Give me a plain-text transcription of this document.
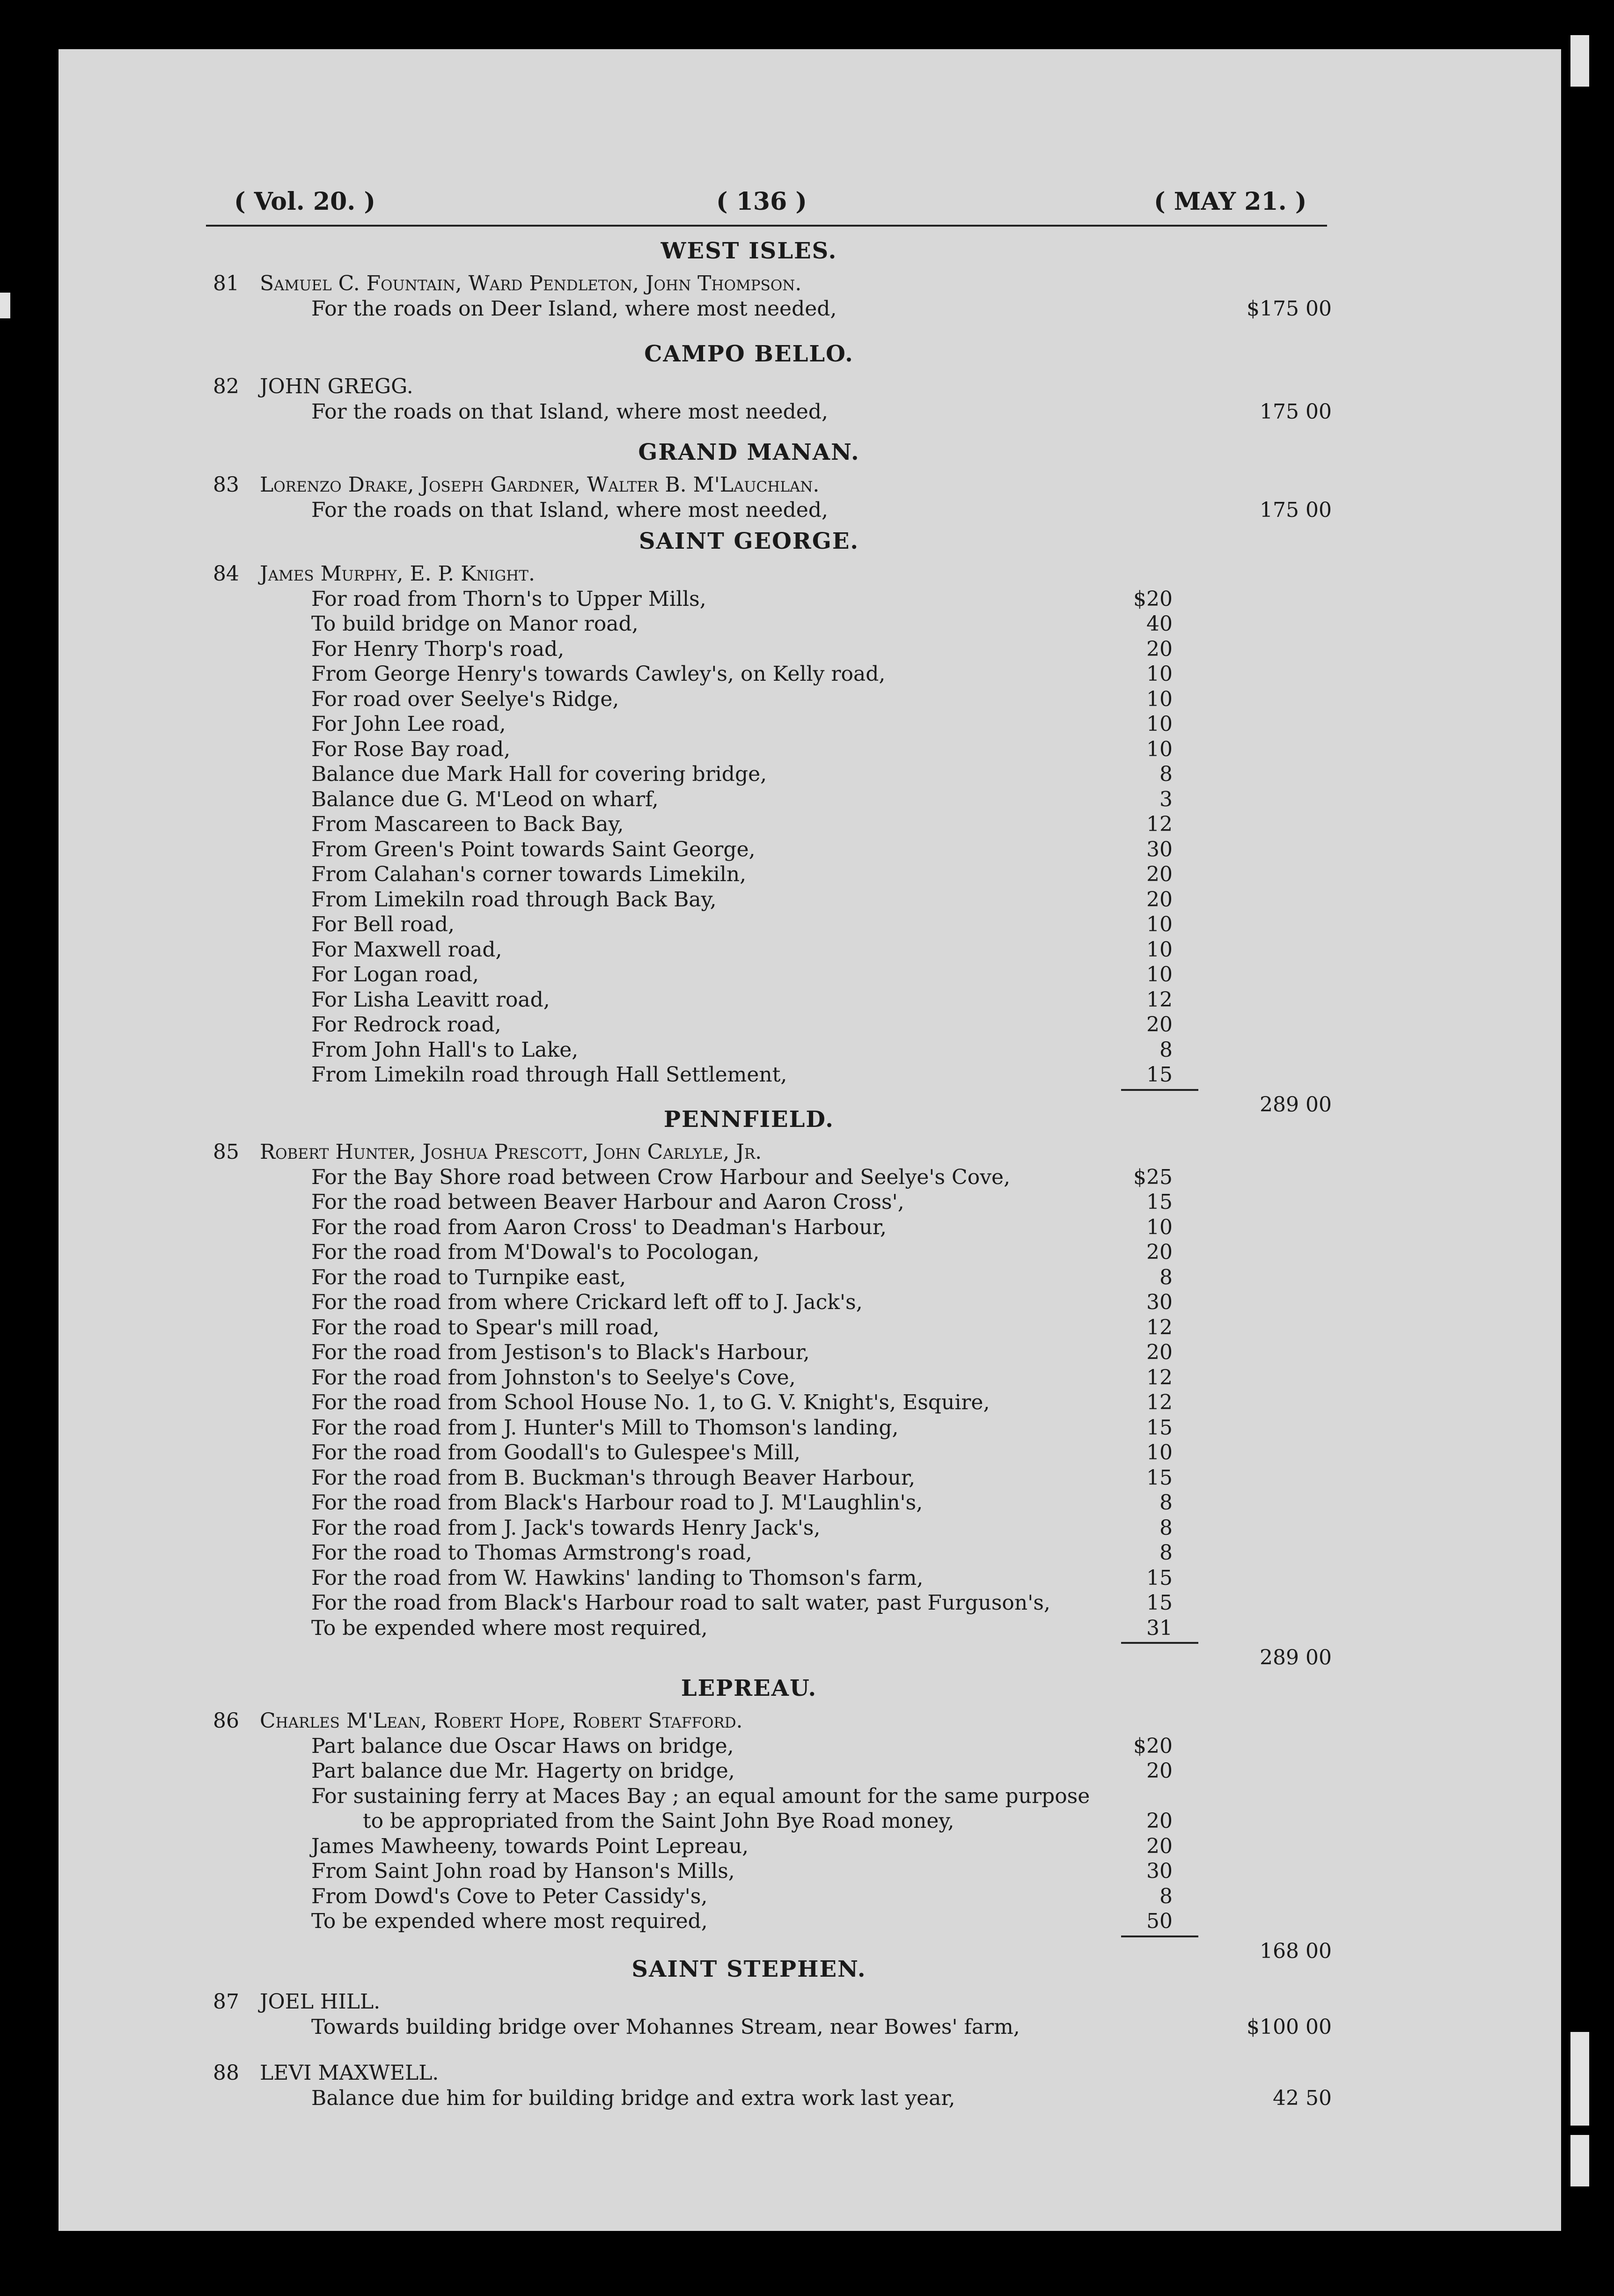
( Vol. 20. )	( 136 )	( MAY 21. )
WEST ISLES.
81 Samuel C. Fountain, Ward Pendleton, John Thompson.
For the roads on Deer Island, where most needed,	$175 00
CAMPO BELLO.
82 JOHN GREGG.
For the roads on that Island, where most needed,	175 00
GRAND MANAN.
83 Lorenzo Drake, Joseph Gardner, Walter B. M'Lauchlan.
For the roads on that Island, where most needed,	175 00
SAINT GEORGE.
84 James Murphy, E. P. Knight.
For road from Thorn's to Upper Mills,	$20
To build bridge on Manor road,	40
For Henry Thorp's road,	20
From George Henry's towards Cawley's, on Kelly road,	10
For road over Seelye's Ridge,	10
For John Lee road,	10
For Rose Bay road,	10
Balance due Mark Hall for covering bridge,	8
Balance due G. M'Leod on wharf,	3
From Mascareen to Back Bay,	12
From Green's Point towards Saint George,	30
From Calahan's corner towards Limekiln,	20
From Limekiln road through Back Bay,	20
For Bell road,	10
For Maxwell road,	10
For Logan road,	10
For Lisha Leavitt road,	12
For Redrock road,	20
From John Hall's to Lake,	8
From Limekiln road through Hall Settlement,	15
289 00
PENNFIELD.
85 Robert Hunter, Joshua Prescott, John Carlyle, Jr.
For the Bay Shore road between Crow Harbour and Seelye's Cove,	$25
For the road between Beaver Harbour and Aaron Cross',	15
For the road from Aaron Cross' to Deadman's Harbour,	10
For the road from M'Dowal's to Pocologan,	20
For the road to Turnpike east,	8
For the road from where Crickard left off to J. Jack's,	30
For the road to Spear's mill road,	12
For the road from Jestison's to Black's Harbour,	20
For the road from Johnston's to Seelye's Cove,	12
For the road from School House No. 1, to G. V. Knight's, Esquire,	12
For the road from J. Hunter's Mill to Thomson's landing,	15
For the road from Goodall's to Gulespee's Mill,	10
For the road from B. Buckman's through Beaver Harbour,	15
For the road from Black's Harbour road to J. M'Laughlin's,	8
For the road from J. Jack's towards Henry Jack's,	8
For the road to Thomas Armstrong's road,	8
For the road from W. Hawkins' landing to Thomson's farm,	15
For the road from Black's Harbour road to salt water, past Furguson's,	15
To be expended where most required,	31
289 00
LEPREAU.
86 Charles M'Lean, Robert Hope, Robert Stafford.
Part balance due Oscar Haws on bridge,	$20
Part balance due Mr. Hagerty on bridge,	20
For sustaining ferry at Maces Bay ; an equal amount for the same purpose
to be appropriated from the Saint John Bye Road money,	20
James Mawheeny, towards Point Lepreau,	20
From Saint John road by Hanson's Mills,	30
From Dowd's Cove to Peter Cassidy's,	8
To be expended where most required,	50
168 00
SAINT STEPHEN.
87 JOEL HILL.
Towards building bridge over Mohannes Stream, near Bowes' farm,	$100 00
88 LEVI MAXWELL.
Balance due him for building bridge and extra work last year,	42 50
